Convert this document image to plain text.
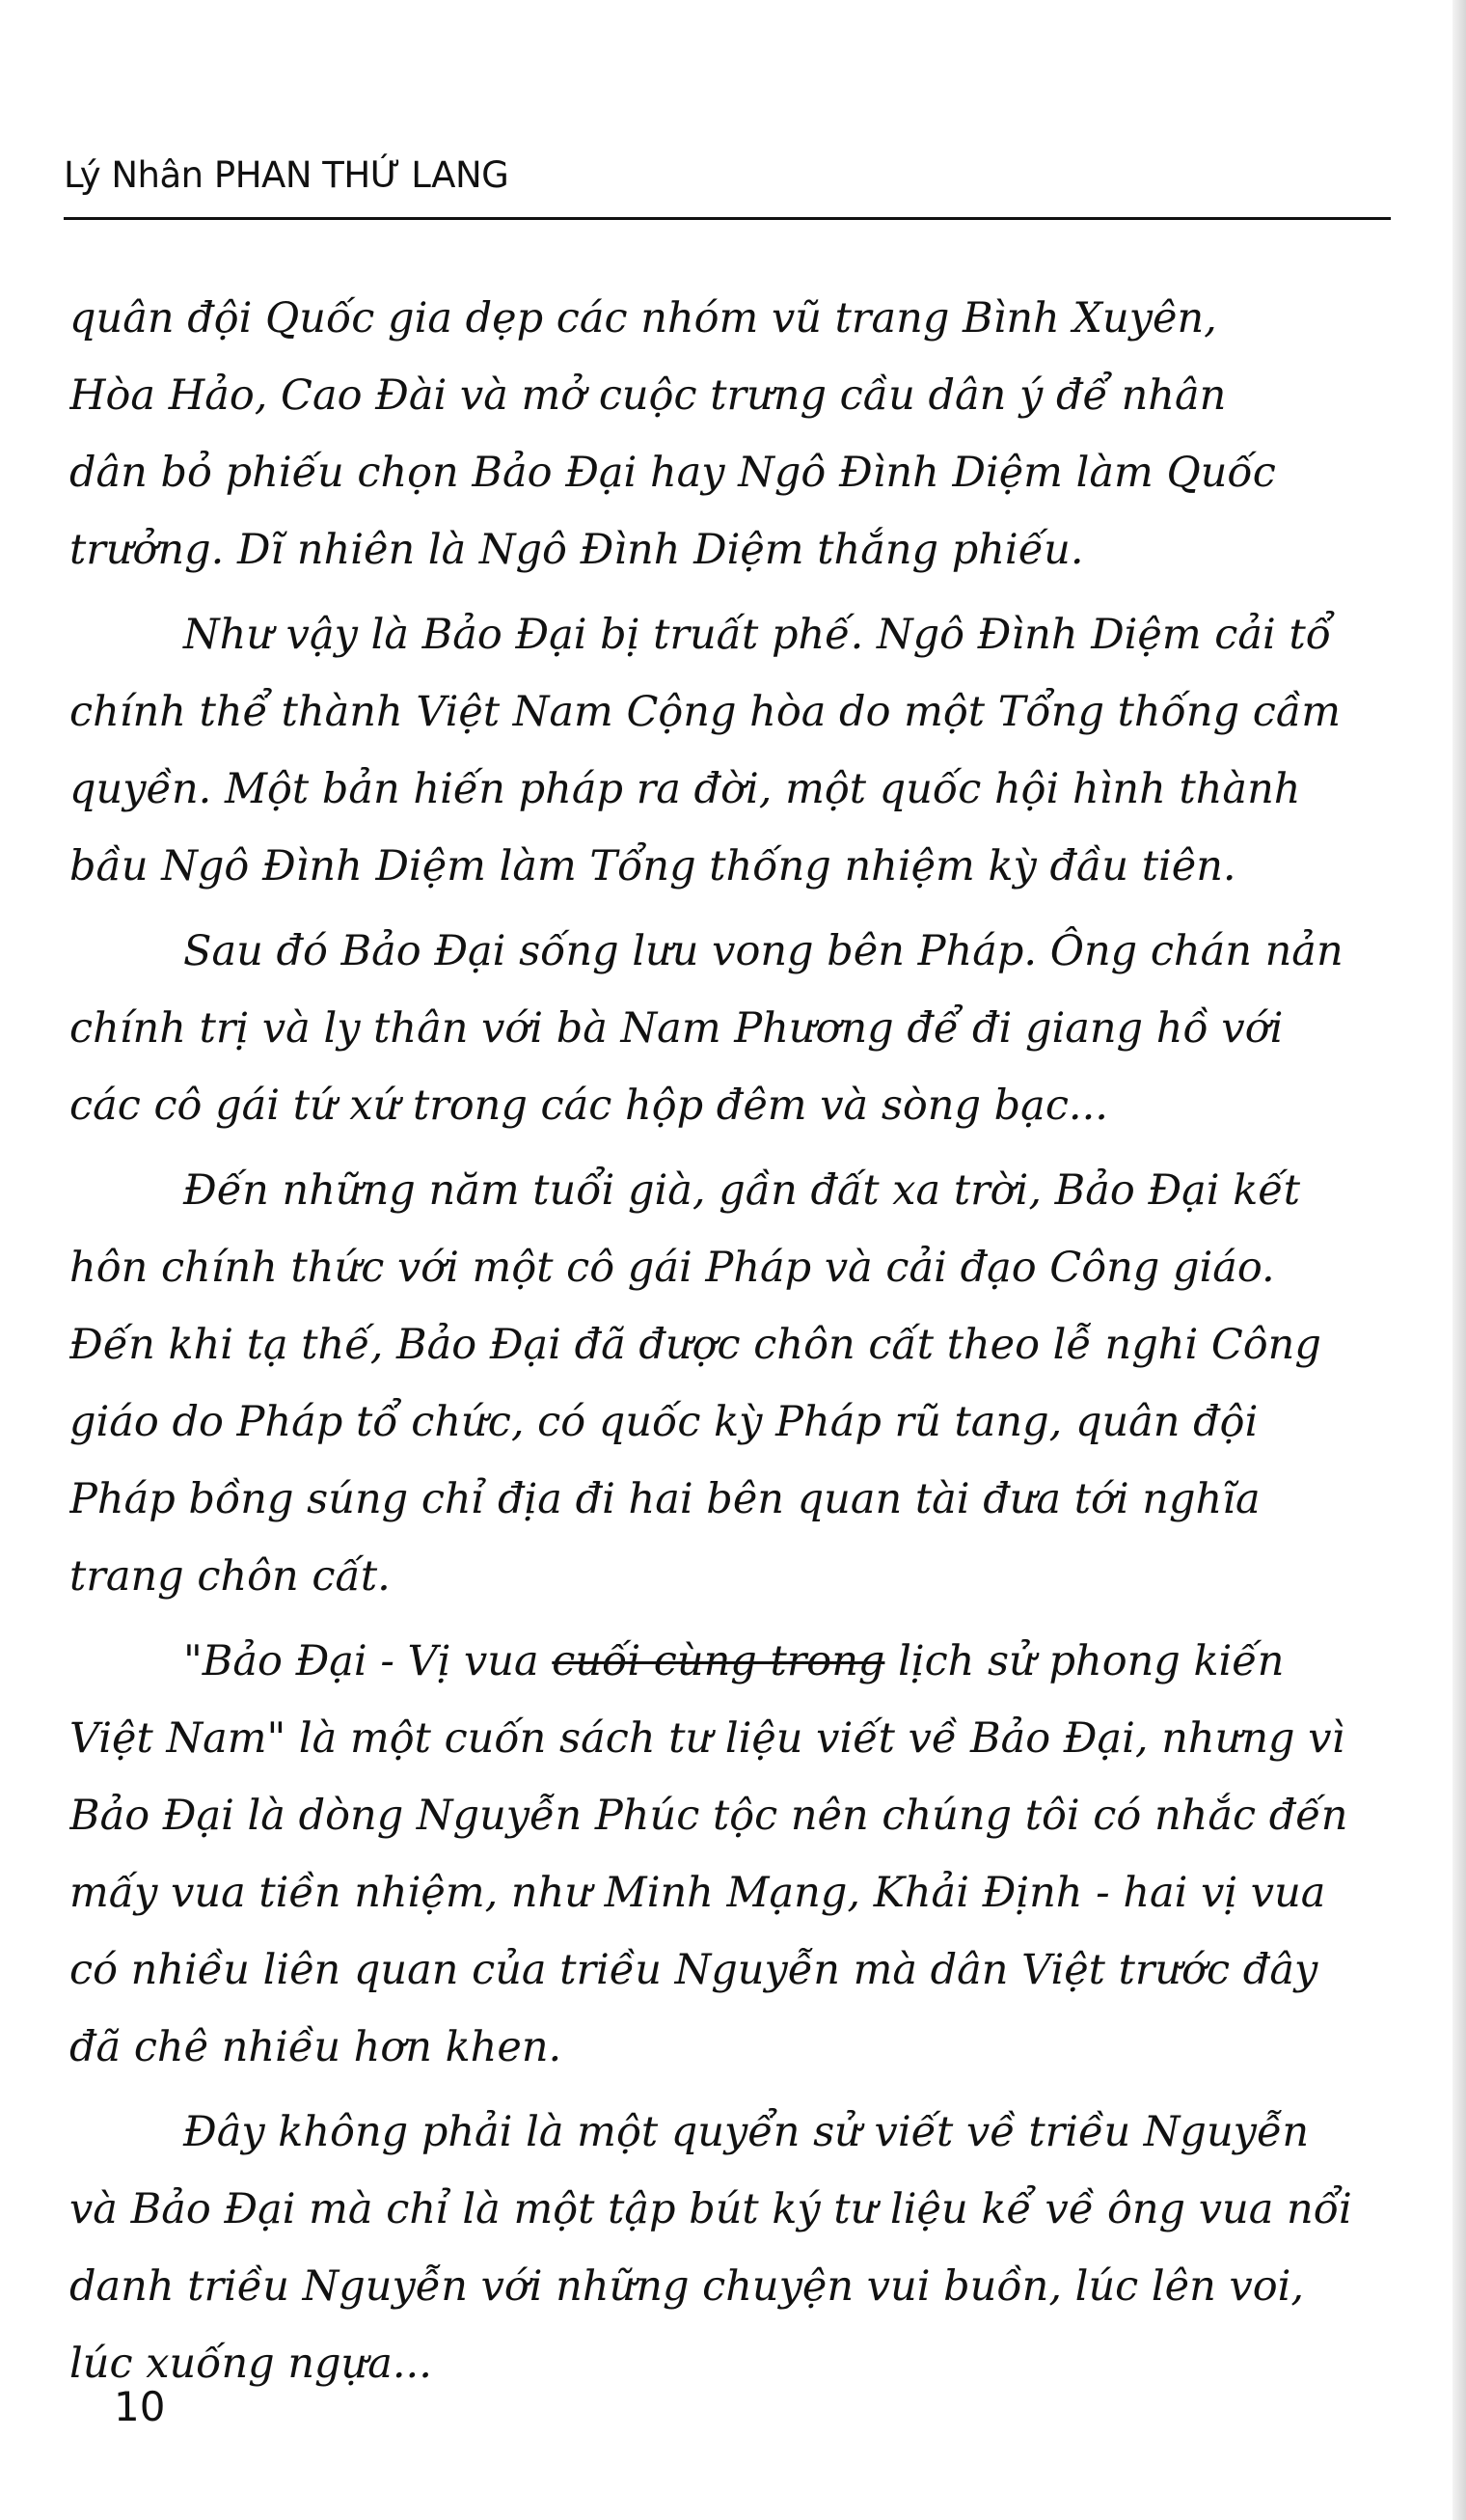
Lý Nhân PHAN THỨ LANG
quân đội Quốc gia dẹp các nhóm vũ trang Bình Xuyên,
Hòa Hảo, Cao Đài và mở cuộc trưng cầu dân ý để nhân
dân bỏ phiếu chọn Bảo Đại hay Ngô Đình Diệm làm Quốc
trưởng. Dĩ nhiên là Ngô Đình Diệm thắng phiếu.
Như vậy là Bảo Đại bị truất phế. Ngô Đình Diệm cải tổ
chính thể thành Việt Nam Cộng hòa do một Tổng thống cầm
quyền. Một bản hiến pháp ra đời, một quốc hội hình thành
bầu Ngô Đình Diệm làm Tổng thống nhiệm kỳ đầu tiên.
Sau đó Bảo Đại sống lưu vong bên Pháp. Ông chán nản
chính trị và ly thân với bà Nam Phương để đi giang hồ với
các cô gái tứ xứ trong các hộp đêm và sòng bạc...
Đến những năm tuổi già, gần đất xa trời, Bảo Đại kết
hôn chính thức với một cô gái Pháp và cải đạo Công giáo.
Đến khi tạ thế, Bảo Đại đã được chôn cất theo lễ nghi Công
giáo do Pháp tổ chức, có quốc kỳ Pháp rũ tang, quân đội
Pháp bồng súng chỉ địa đi hai bên quan tài đưa tới nghĩa
trang chôn cất.
"Bảo Đại - Vị vua cuối cùng trong lịch sử phong kiến
Việt Nam" là một cuốn sách tư liệu viết về Bảo Đại, nhưng vì
Bảo Đại là dòng Nguyễn Phúc tộc nên chúng tôi có nhắc đến
mấy vua tiền nhiệm, như Minh Mạng, Khải Định - hai vị vua
có nhiều liên quan của triều Nguyễn mà dân Việt trước đây
đã chê nhiều hơn khen.
Đây không phải là một quyển sử viết về triều Nguyễn
và Bảo Đại mà chỉ là một tập bút ký tư liệu kể về ông vua nổi
danh triều Nguyễn với những chuyện vui buồn, lúc lên voi,
lúc xuống ngựa...
10
